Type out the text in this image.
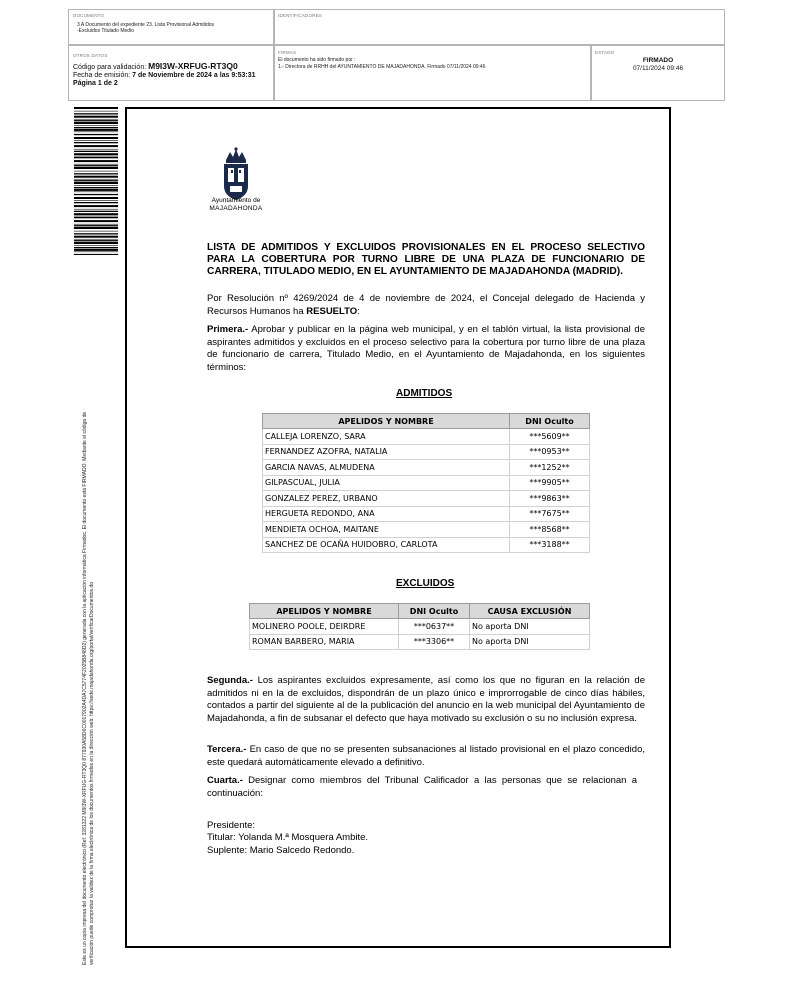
DOCUMENTO
3 A Documento del expediente 23. Lista Provisional Admitidos
-Excluidos Titulado Medio
IDENTIFICADORES
OTROS DATOS
Código para validación: M9I3W-XRFUG-RT3Q0
Fecha de emisión: 7 de Noviembre de 2024 a las 9:53:31
Página 1 de 2
FIRMAS
El documento ha sido firmado por :
1.- Directora de RRHH del AYUNTAMIENTO DE MAJADAHONDA. Firmado 07/11/2024 09:46
ESTADO
FIRMADO
07/11/2024 09:46
Este es un copia impresa del documento electrónico (Ref: 3281322 M9I3W-XRFUG-RT3Q0 877930A58D6C0017902A4DA7C5774F2025B848D2) generada con la aplicación informática Firmadoc. El documento está FIRMADO. Mediante el código de verificación puede comprobar la validez de la firma electrónica de los documentos firmados en la dirección web: https://sede.majadahonda.org/portal/verificarDocumentos.do
Ayuntamiento de
MAJADAHONDA
LISTA DE ADMITIDOS Y EXCLUIDOS PROVISIONALES EN EL PROCESO SELECTIVO
PARA LA COBERTURA POR TURNO LIBRE DE UNA PLAZA DE FUNCIONARIO DE
CARRERA, TITULADO MEDIO, EN EL AYUNTAMIENTO DE MAJADAHONDA (MADRID).
Por Resolución nº 4269/2024 de 4 de noviembre de 2024, el Concejal delegado de Hacienda y Recursos Humanos ha RESUELTO:
Primera.- Aprobar y publicar en la página web municipal, y en el tablón virtual, la lista provisional de aspirantes admitidos y excluidos en el proceso selectivo para la cobertura por turno libre de una plaza de funcionario de carrera, Titulado Medio, en el Ayuntamiento de Majadahonda, en los siguientes términos:
ADMITIDOS
APELIDOS Y NOMBRE	DNI Oculto
CALLEJA LORENZO, SARA	***5609**
FERNANDEZ AZOFRA, NATALIA	***0953**
GARCIA NAVAS, ALMUDENA	***1252**
GILPASCUAL, JULIA	***9905**
GONZALEZ PEREZ, URBANO	***9863**
HERGUETA REDONDO, ANA	***7675**
MENDIETA OCHOA, MAITANE	***8568**
SANCHEZ DE OCAÑA HUIDOBRO, CARLOTA	***3188**
EXCLUIDOS
APELIDOS Y NOMBRE	DNI Oculto	CAUSA EXCLUSIÓN
MOLINERO POOLE, DEIRDRE	***0637**	No aporta DNI
ROMAN BARBERO, MARIA	***3306**	No aporta DNI
Segunda.- Los aspirantes excluidos expresamente, así como los que no figuran en la relación de admitidos ni en la de excluidos, dispondrán de un plazo único e improrrogable de cinco días hábiles, contados a partir del siguiente al de la publicación del anuncio en la web municipal del Ayuntamiento de Majadahonda, a fin de subsanar el defecto que haya motivado su exclusión o su no inclusión expresa.
Tercera.- En caso de que no se presenten subsanaciones al listado provisional en el plazo concedido, este quedará automáticamente elevado a definitivo.
Cuarta.- Designar como miembros del Tribunal Calificador a las personas que se relacionan a continuación:
Presidente:
Titular: Yolanda M.ª Mosquera Ambite.
Suplente: Mario Salcedo Redondo.
